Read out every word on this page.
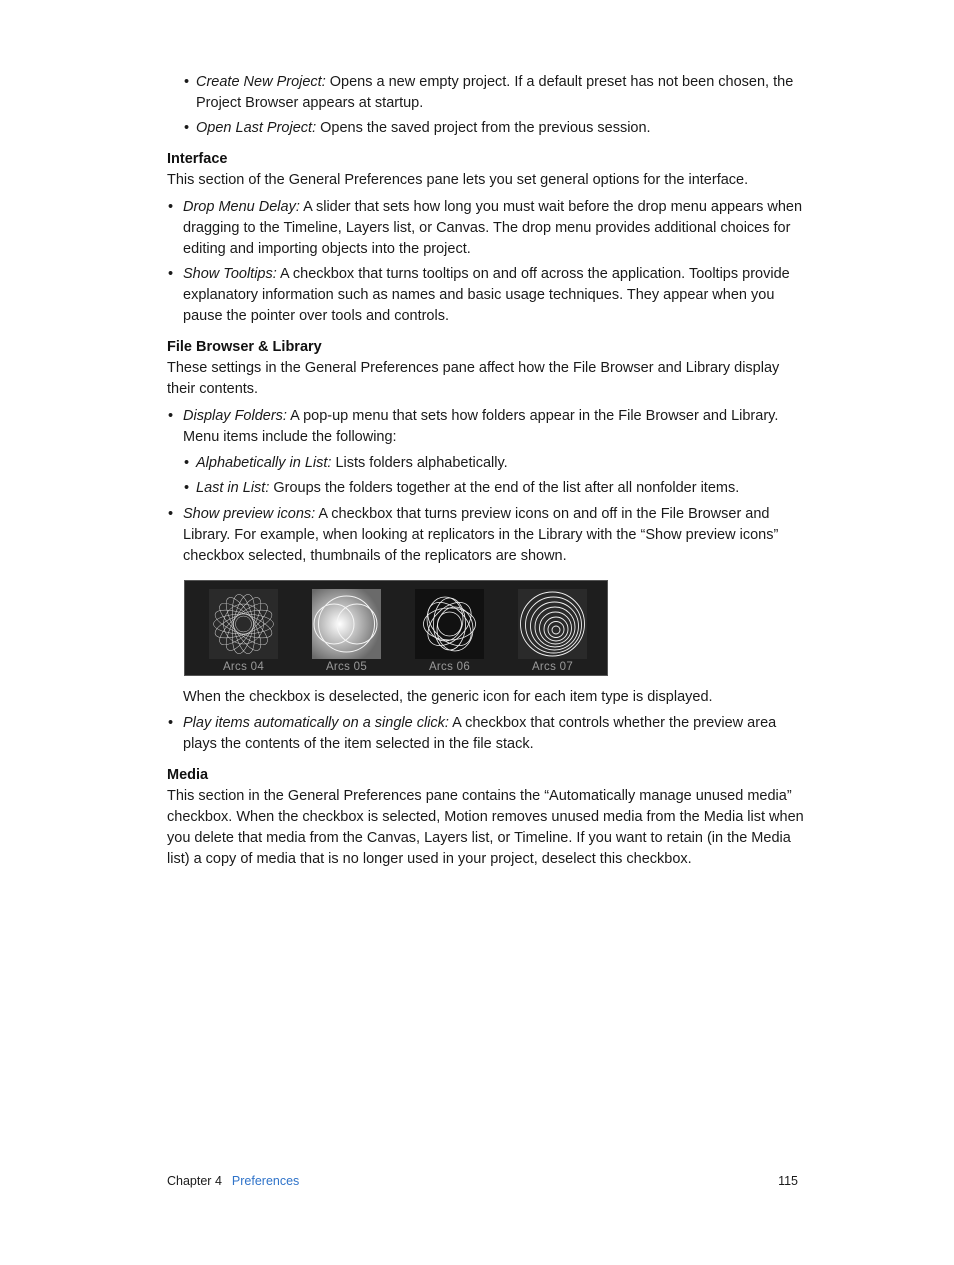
• Create New Project: Opens a new empty project. If a default preset has not been chosen, the Project Browser appears at startup.
• Open Last Project: Opens the saved project from the previous session.
Interface

This section of the General Preferences pane lets you set general options for the interface.

• Drop Menu Delay: A slider that sets how long you must wait before the drop menu appears when dragging to the Timeline, Layers list, or Canvas. The drop menu provides additional choices for editing and importing objects into the project.
• Show Tooltips: A checkbox that turns tooltips on and off across the application. Tooltips provide explanatory information such as names and basic usage techniques. They appear when you pause the pointer over tools and controls.
File Browser & Library

These settings in the General Preferences pane affect how the File Browser and Library display their contents.

• Display Folders: A pop-up menu that sets how folders appear in the File Browser and Library. Menu items include the following:
• Alphabetically in List: Lists folders alphabetically.
• Last in List: Groups the folders together at the end of the list after all nonfolder items.
• Show preview icons: A checkbox that turns preview icons on and off in the File Browser and Library. For example, when looking at replicators in the Library with the “Show preview icons” checkbox selected, thumbnails of the replicators are shown.
Arcs 04	Arcs 05	Arcs 06	Arcs 07

When the checkbox is deselected, the generic icon for each item type is displayed.

• Play items automatically on a single click: A checkbox that controls whether the preview area plays the contents of the item selected in the file stack.
Media

This section in the General Preferences pane contains the “Automatically manage unused media” checkbox. When the checkbox is selected, Motion removes unused media from the Media list when you delete that media from the Canvas, Layers list, or Timeline. If you want to retain (in the Media list) a copy of media that is no longer used in your project, deselect this checkbox.

Chapter 4 Preferences	115
